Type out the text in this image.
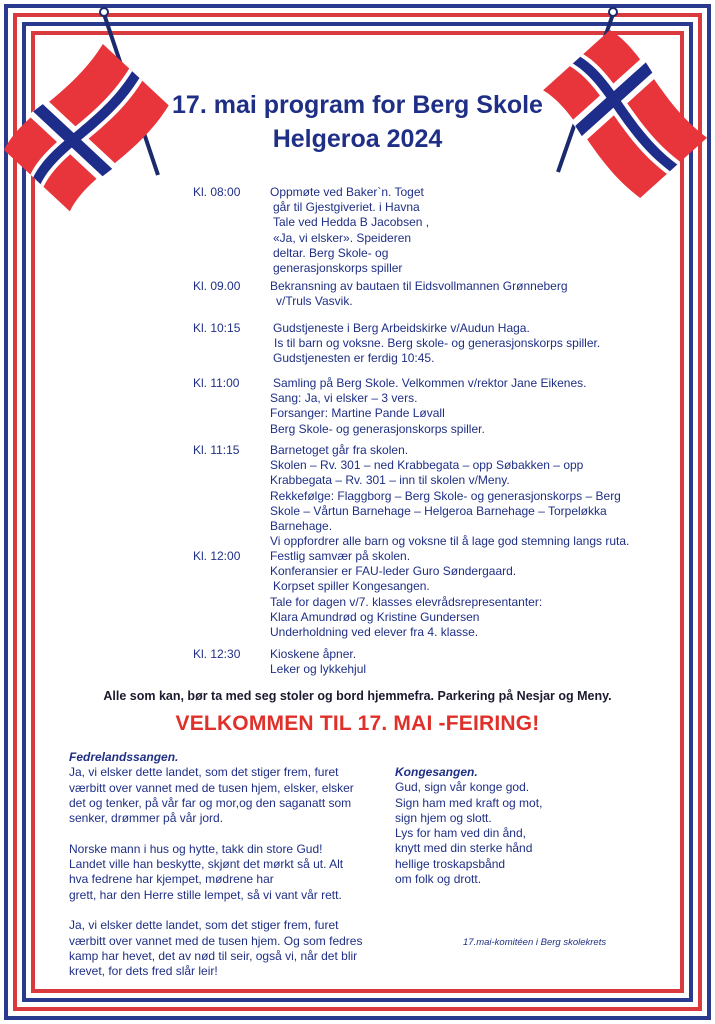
17. mai program for Berg Skole
Helgeroa 2024
Kl. 08:00 Oppmøte ved Baker`n. Toget
går til Gjestgiveriet. i Havna
Tale ved Hedda B Jacobsen ,
«Ja, vi elsker». Speideren
deltar. Berg Skole- og
generasjonskorps spiller
Kl. 09.00 Bekransning av bautaen til Eidsvollmannen Grønneberg
v/Truls Vasvik.
Kl. 10:15	Gudstjeneste i Berg Arbeidskirke v/Audun Haga.
Is til barn og voksne. Berg skole- og generasjonskorps spiller.
Gudstjenesten er ferdig 10:45.
Kl. 11:00	Samling på Berg Skole. Velkommen v/rektor Jane Eikenes.
Sang: Ja, vi elsker – 3 vers.
Forsanger: Martine Pande Løvall
Berg Skole- og generasjonskorps spiller.
Kl. 11:15	Barnetoget går fra skolen.
Skolen – Rv. 301 – ned Krabbegata – opp Søbakken – opp
Krabbegata – Rv. 301 – inn til skolen v/Meny.
Rekkefølge: Flaggborg – Berg Skole- og generasjonskorps – Berg
Skole – Vårtun Barnehage – Helgeroa Barnehage – Torpeløkka
Barnehage.
Vi oppfordrer alle barn og voksne til å lage god stemning langs ruta.
Kl. 12:00 Festlig samvær på skolen.
Konferansier er FAU-leder Guro Søndergaard.
Korpset spiller Kongesangen.
Tale for dagen v/7. klasses elevrådsrepresentanter:
Klara Amundrød og Kristine Gundersen
Underholdning ved elever fra 4. klasse.
Kl. 12:30 Kioskene åpner.
Leker og lykkehjul
Alle som kan, bør ta med seg stoler og bord hjemmefra. Parkering på Nesjar og Meny.
VELKOMMEN TIL 17. MAI -FEIRING!
Fedrelandssangen.
Ja, vi elsker dette landet, som det stiger frem, furet
værbitt over vannet med de tusen hjem, elsker, elsker
det og tenker, på vår far og mor,og den saganatt som
senker, drømmer på vår jord.
Norske mann i hus og hytte, takk din store Gud!
Landet ville han beskytte, skjønt det mørkt så ut. Alt
hva fedrene har kjempet, mødrene har
grett, har den Herre stille lempet, så vi vant vår rett.
Ja, vi elsker dette landet, som det stiger frem, furet
værbitt over vannet med de tusen hjem. Og som fedres
kamp har hevet, det av nød til seir, også vi, når det blir
krevet, for dets fred slår leir!
Kongesangen.
Gud, sign vår konge god.
Sign ham med kraft og mot,
sign hjem og slott.
Lys for ham ved din ånd,
knytt med din sterke hånd
hellige troskapsbånd
om folk og drott.
17.mai-komitéen i Berg skolekrets
